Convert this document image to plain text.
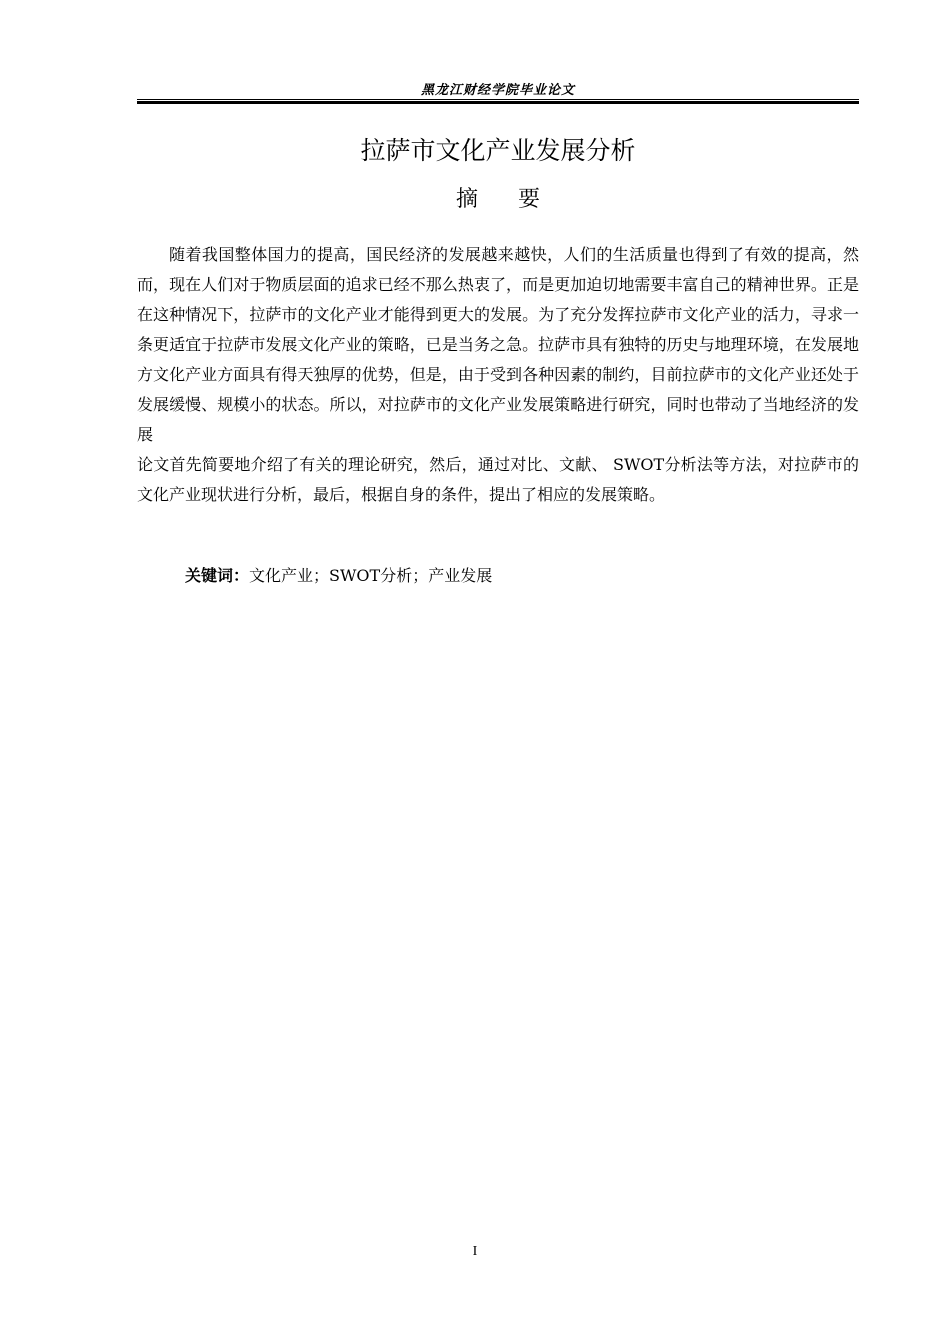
黑龙江财经学院毕业论文
拉萨市文化产业发展分析
摘要

随着我国整体国力的提高，国民经济的发展越来越快，人们的生活质量也得到了有效的提高，然而，现在人们对于物质层面的追求已经不那么热衷了，而是更加迫切地需要丰富自己的精神世界。正是在这种情况下，拉萨市的文化产业才能得到更大的发展。为了充分发挥拉萨市文化产业的活力，寻求一条更适宜于拉萨市发展文化产业的策略，已是当务之急。拉萨市具有独特的历史与地理环境，在发展地方文化产业方面具有得天独厚的优势，但是，由于受到各种因素的制约，目前拉萨市的文化产业还处于发展缓慢、规模小的状态。所以，对拉萨市的文化产业发展策略进行研究，同时也带动了当地经济的发展

论文首先简要地介绍了有关的理论研究，然后，通过对比、文献、 SWOT分析法等方法，对拉萨市的文化产业现状进行分析，最后，根据自身的条件，提出了相应的发展策略。

关键词：文化产业；SWOT分析；产业发展
I
